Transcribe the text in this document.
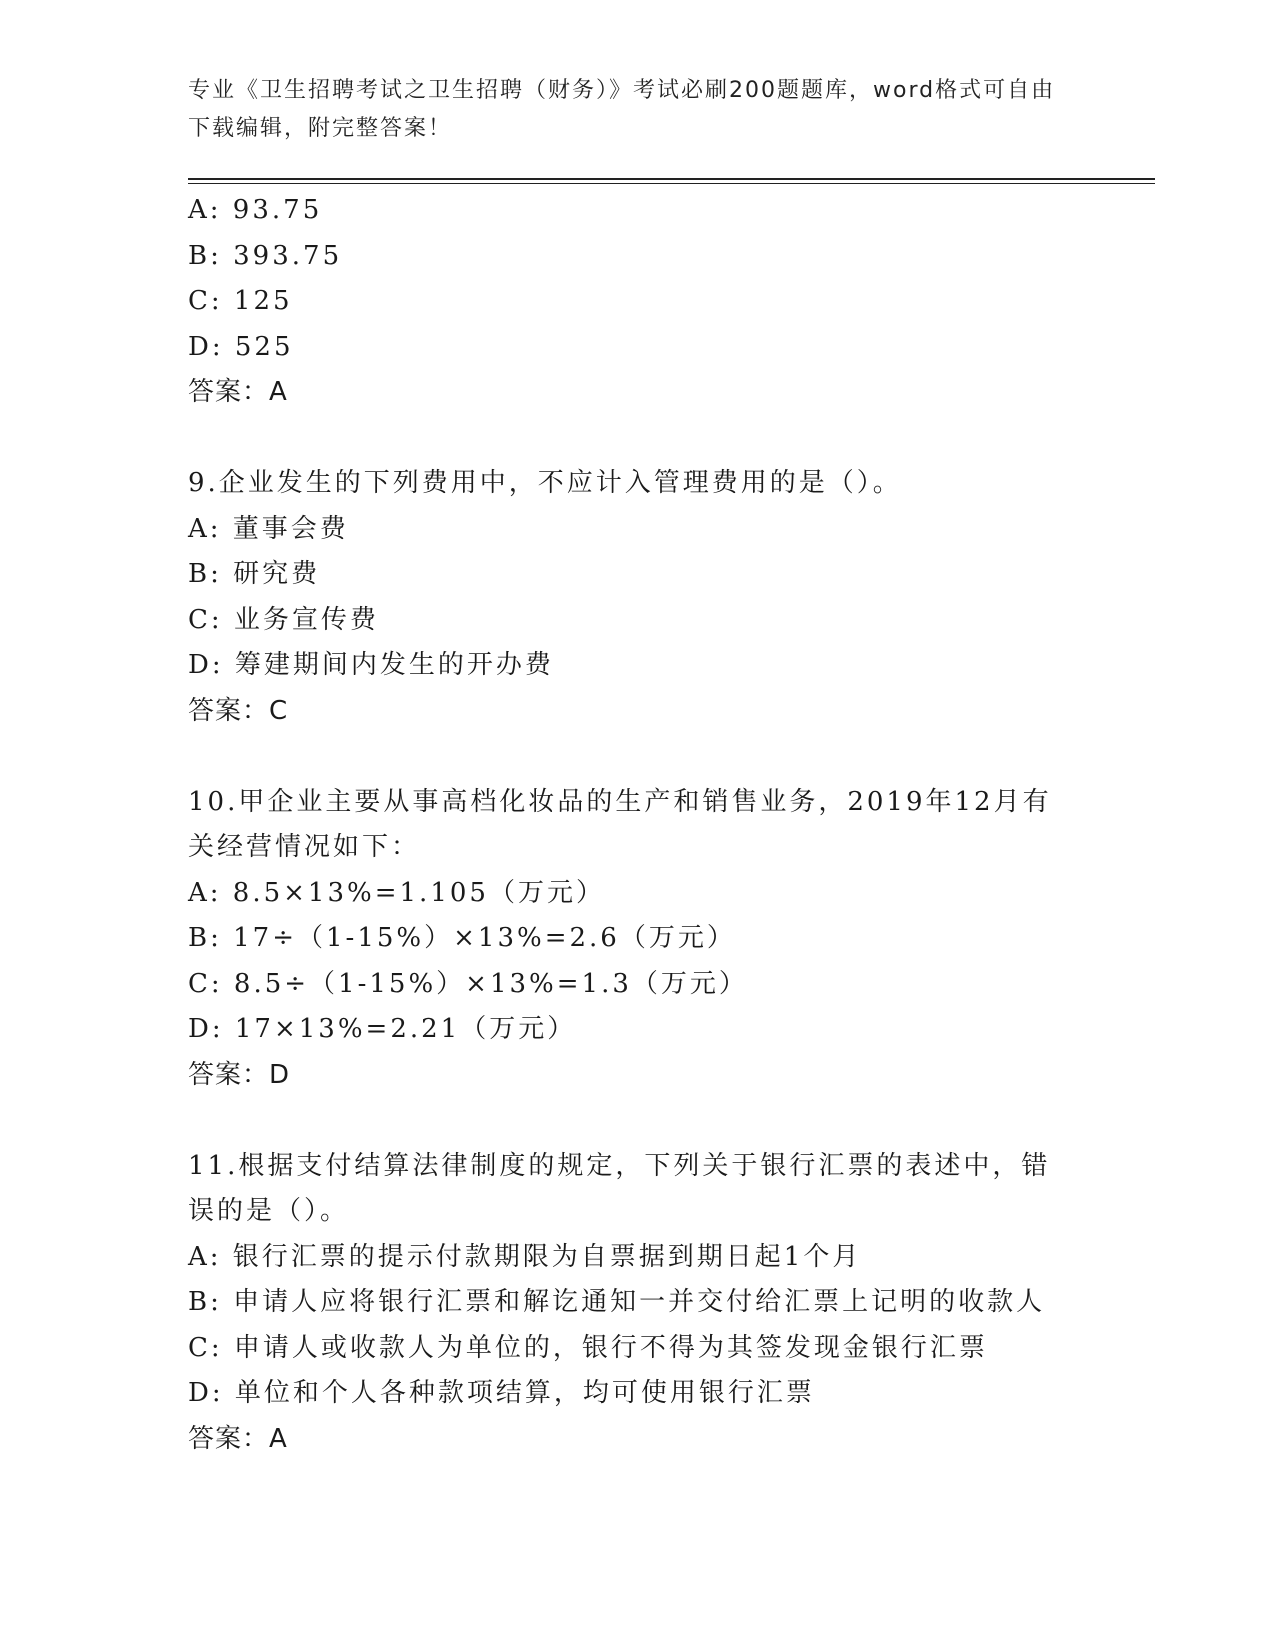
专业《卫生招聘考试之卫生招聘（财务）》考试必刷200题题库，word格式可自由下载编辑，附完整答案！
A: 93.75
B: 393.75
C: 125
D: 525
答案：A
9.企业发生的下列费用中，不应计入管理费用的是（）。
A: 董事会费
B: 研究费
C: 业务宣传费
D: 筹建期间内发生的开办费
答案：C
10.甲企业主要从事高档化妆品的生产和销售业务，2019年12月有关经营情况如下：
A: 8.5×13%=1.105（万元）
B: 17÷（1-15%）×13%=2.6（万元）
C: 8.5÷（1-15%）×13%=1.3（万元）
D: 17×13%=2.21（万元）
答案：D
11.根据支付结算法律制度的规定，下列关于银行汇票的表述中，错误的是（）。
A: 银行汇票的提示付款期限为自票据到期日起1个月
B: 申请人应将银行汇票和解讫通知一并交付给汇票上记明的收款人
C: 申请人或收款人为单位的，银行不得为其签发现金银行汇票
D: 单位和个人各种款项结算，均可使用银行汇票
答案：A
